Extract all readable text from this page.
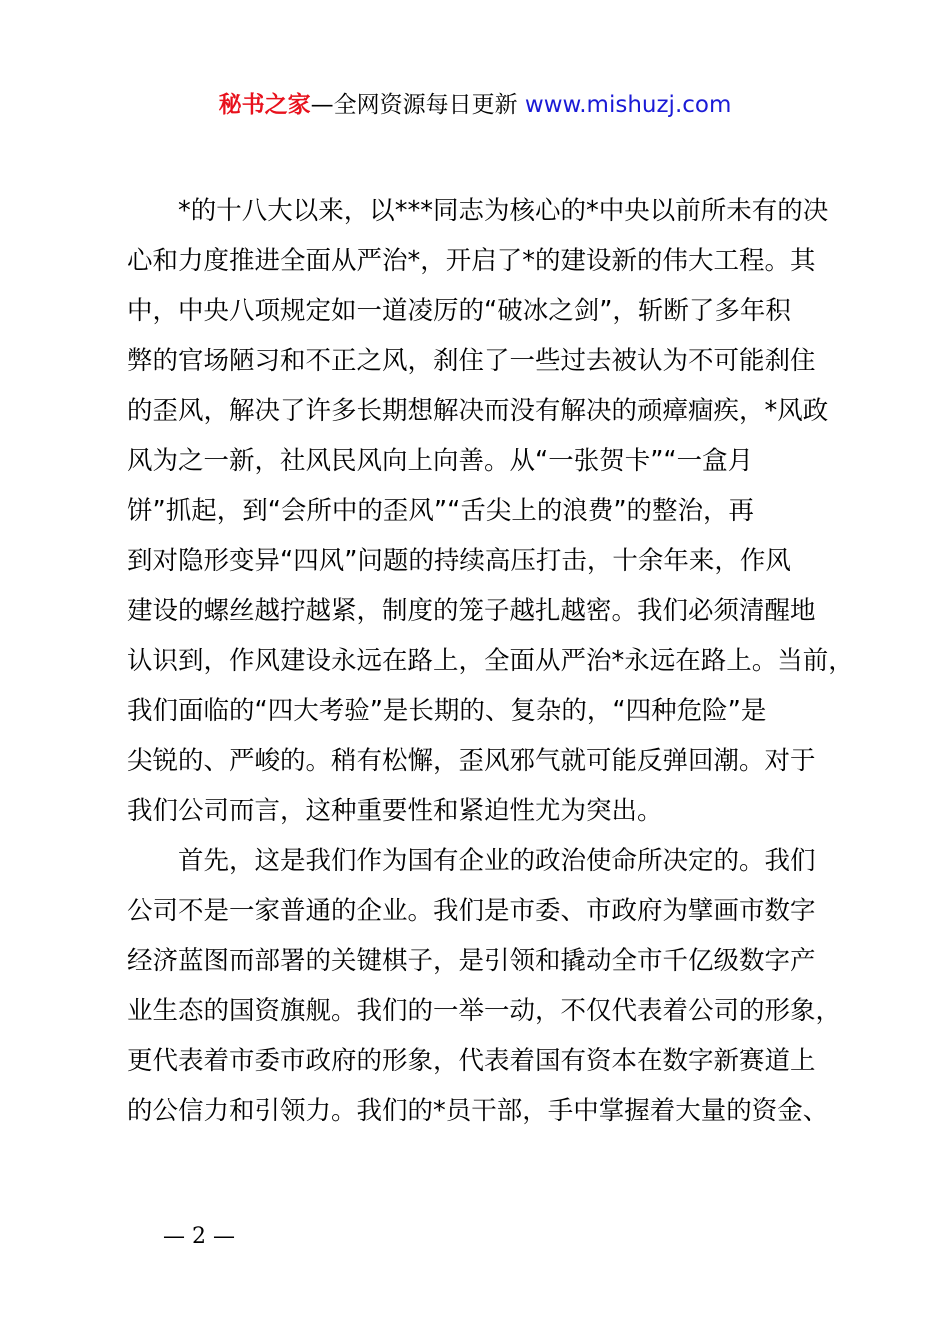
秘书之家—全网资源每日更新 www.mishuzj.com
*的十八大以来，以***同志为核心的*中央以前所未有的决
心和力度推进全面从严治*，开启了*的建设新的伟大工程。其
中，中央八项规定如一道凌厉的“破冰之剑”，斩断了多年积
弊的官场陋习和不正之风，刹住了一些过去被认为不可能刹住
的歪风，解决了许多长期想解决而没有解决的顽瘴痼疾，*风政
风为之一新，社风民风向上向善。从“一张贺卡”“一盒月
饼”抓起，到“会所中的歪风”“舌尖上的浪费”的整治，再
到对隐形变异“四风”问题的持续高压打击，十余年来，作风
建设的螺丝越拧越紧，制度的笼子越扎越密。我们必须清醒地
认识到，作风建设永远在路上，全面从严治*永远在路上。当前，
我们面临的“四大考验”是长期的、复杂的，“四种危险”是
尖锐的、严峻的。稍有松懈，歪风邪气就可能反弹回潮。对于
我们公司而言，这种重要性和紧迫性尤为突出。
首先，这是我们作为国有企业的政治使命所决定的。我们
公司不是一家普通的企业。我们是市委、市政府为擘画市数字
经济蓝图而部署的关键棋子，是引领和撬动全市千亿级数字产
业生态的国资旗舰。我们的一举一动，不仅代表着公司的形象，
更代表着市委市政府的形象，代表着国有资本在数字新赛道上
的公信力和引领力。我们的*员干部，手中掌握着大量的资金、
— 2 —
